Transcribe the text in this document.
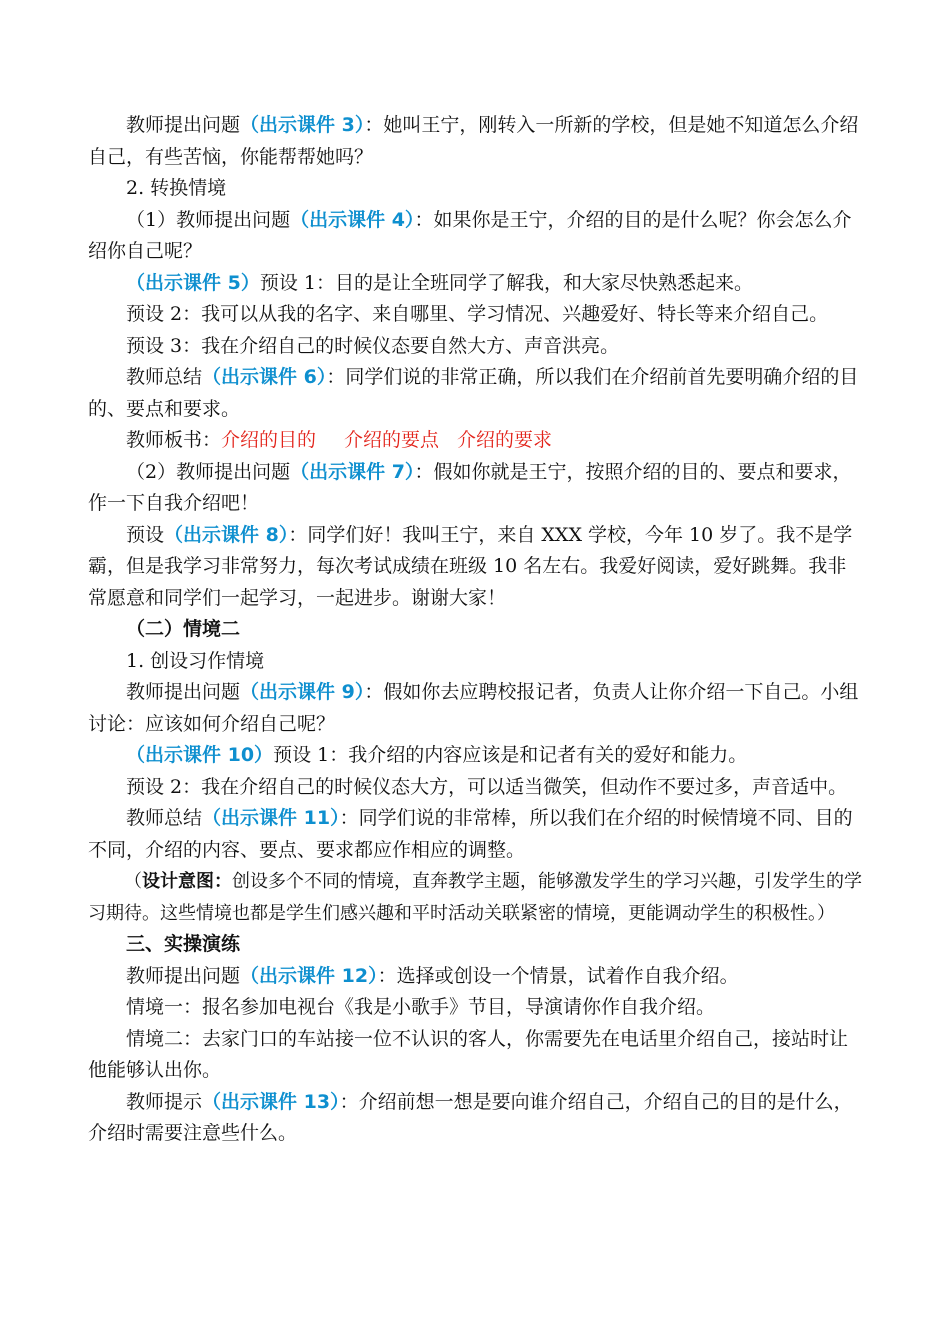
教师提出问题（出示课件 3）：她叫王宁，刚转入一所新的学校，但是她不知道怎么介绍自己，有些苦恼，你能帮帮她吗？

2. 转换情境

（1）教师提出问题（出示课件 4）：如果你是王宁，介绍的目的是什么呢？你会怎么介绍你自己呢？

（出示课件 5）预设 1：目的是让全班同学了解我，和大家尽快熟悉起来。

预设 2：我可以从我的名字、来自哪里、学习情况、兴趣爱好、特长等来介绍自己。

预设 3：我在介绍自己的时候仪态要自然大方、声音洪亮。

教师总结（出示课件 6）：同学们说的非常正确，所以我们在介绍前首先要明确介绍的目的、要点和要求。

教师板书：介绍的目的 介绍的要点 介绍的要求

（2）教师提出问题（出示课件 7）：假如你就是王宁，按照介绍的目的、要点和要求，作一下自我介绍吧！

预设（出示课件 8）：同学们好！我叫王宁，来自 XXX 学校，今年 10 岁了。我不是学霸，但是我学习非常努力，每次考试成绩在班级 10 名左右。我爱好阅读，爱好跳舞。我非常愿意和同学们一起学习，一起进步。谢谢大家！

（二）情境二

1. 创设习作情境

教师提出问题（出示课件 9）：假如你去应聘校报记者，负责人让你介绍一下自己。小组讨论：应该如何介绍自己呢？

（出示课件 10）预设 1：我介绍的内容应该是和记者有关的爱好和能力。

预设 2：我在介绍自己的时候仪态大方，可以适当微笑，但动作不要过多，声音适中。

教师总结（出示课件 11）：同学们说的非常棒，所以我们在介绍的时候情境不同、目的不同，介绍的内容、要点、要求都应作相应的调整。

（设计意图：创设多个不同的情境，直奔教学主题，能够激发学生的学习兴趣，引发学生的学习期待。这些情境也都是学生们感兴趣和平时活动关联紧密的情境，更能调动学生的积极性。）

三、实操演练

教师提出问题（出示课件 12）：选择或创设一个情景，试着作自我介绍。

情境一：报名参加电视台《我是小歌手》节目，导演请你作自我介绍。

情境二：去家门口的车站接一位不认识的客人，你需要先在电话里介绍自己，接站时让他能够认出你。

教师提示（出示课件 13）：介绍前想一想是要向谁介绍自己，介绍自己的目的是什么，介绍时需要注意些什么。
